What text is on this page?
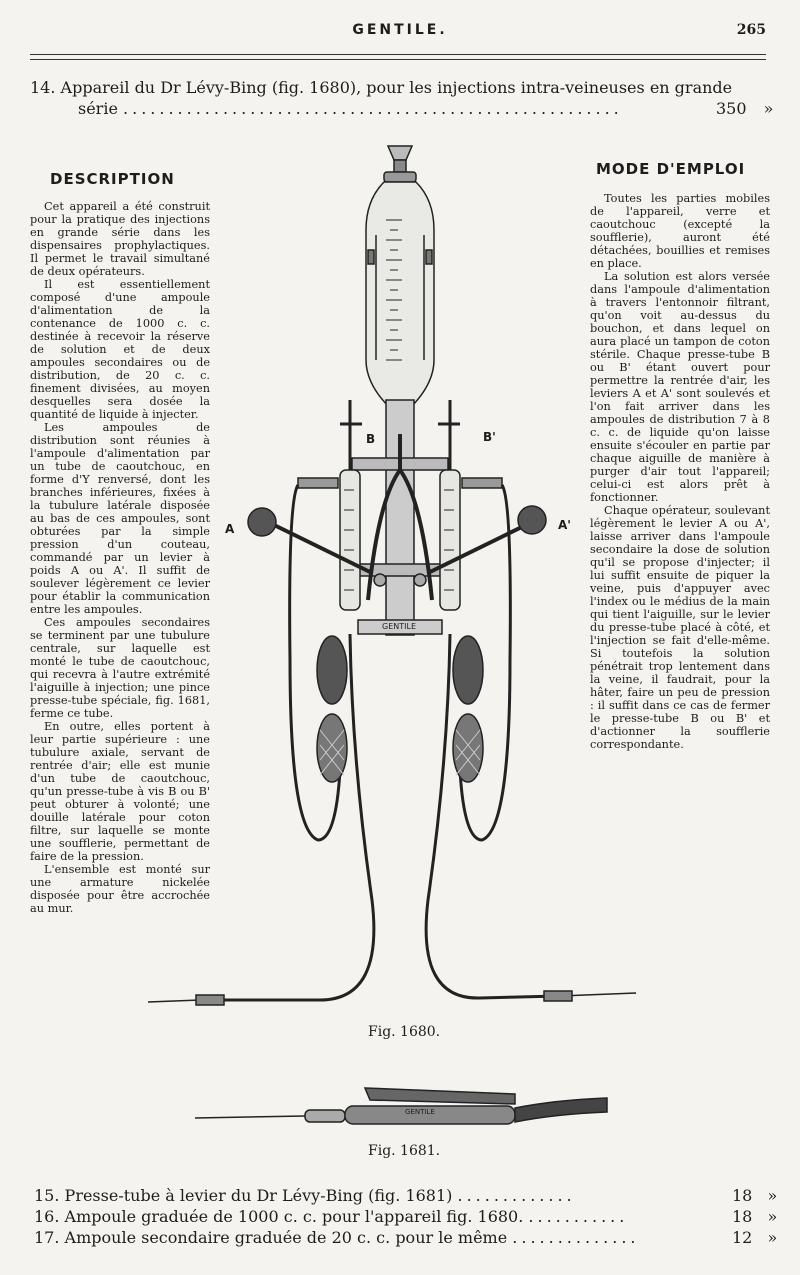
GENTILE.	265
14. Appareil du Dr Lévy-Bing (fig. 1680), pour les injections intra-veineuses en grande
série .......................................................	350 »
DESCRIPTION

Cet appareil a été construit pour la pratique des injections en grande série dans les dispensaires prophylactiques. Il permet le travail simultané de deux opérateurs.

Il est essentiellement composé d'une ampoule d'alimentation de la contenance de 1000 c. c. destinée à recevoir la réserve de solution et de deux ampoules secondaires ou de distribution, de 20 c. c. finement divisées, au moyen desquelles sera dosée la quantité de liquide à injecter.

Les ampoules de distribution sont réunies à l'ampoule d'alimentation par un tube de caoutchouc, en forme d'Y renversé, dont les branches inférieures, fixées à la tubulure latérale disposée au bas de ces ampoules, sont obturées par la simple pression d'un couteau, commandé par un levier à poids A ou A'. Il suffit de soulever légèrement ce levier pour établir la communication entre les ampoules.

Ces ampoules secondaires se terminent par une tubulure centrale, sur laquelle est monté le tube de caoutchouc, qui recevra à l'autre extrémité l'aiguille à injection; une pince presse-tube spéciale, fig. 1681, ferme ce tube.

En outre, elles portent à leur partie supérieure : une tubulure axiale, servant de rentrée d'air; elle est munie d'un tube de caoutchouc, qu'un presse-tube à vis B ou B' peut obturer à volonté; une douille latérale pour coton filtre, sur laquelle se monte une soufflerie, permettant de faire de la pression.

L'ensemble est monté sur une armature nickelée disposée pour être accrochée au mur.

MODE D'EMPLOI

Toutes les parties mobiles de l'appareil, verre et caoutchouc (excepté la soufflerie), auront été détachées, bouillies et remises en place.

La solution est alors versée dans l'ampoule d'alimentation à travers l'entonnoir filtrant, qu'on voit au-dessus du bouchon, et dans lequel on aura placé un tampon de coton stérile. Chaque presse-tube B ou B' étant ouvert pour permettre la rentrée d'air, les leviers A et A' sont soulevés et l'on fait arriver dans les ampoules de distribution 7 à 8 c. c. de liquide qu'on laisse ensuite s'écouler en partie par chaque aiguille de manière à purger d'air tout l'appareil; celui-ci est alors prêt à fonctionner.

Chaque opérateur, soulevant légèrement le levier A ou A', laisse arriver dans l'ampoule secondaire la dose de solution qu'il se propose d'injecter; il lui suffit ensuite de piquer la veine, puis d'appuyer avec l'index ou le médius de la main qui tient l'aiguille, sur le levier du presse-tube placé à côté, et l'injection se fait d'elle-même. Si toutefois la solution pénétrait trop lentement dans la veine, il faudrait, pour la hâter, faire un peu de pression : il suffit dans ce cas de fermer le presse-tube B ou B' et d'actionner la soufflerie correspondante.

A	A'
B	B'
GENTILE
Fig. 1680.
GENTILE
Fig. 1681.
15. Presse-tube à levier du Dr Lévy-Bing (fig. 1681) .............	18 »
16. Ampoule graduée de 1000 c. c. pour l'appareil fig. 1680. ...........	18 »
17. Ampoule secondaire graduée de 20 c. c. pour le même ..............	12 »
